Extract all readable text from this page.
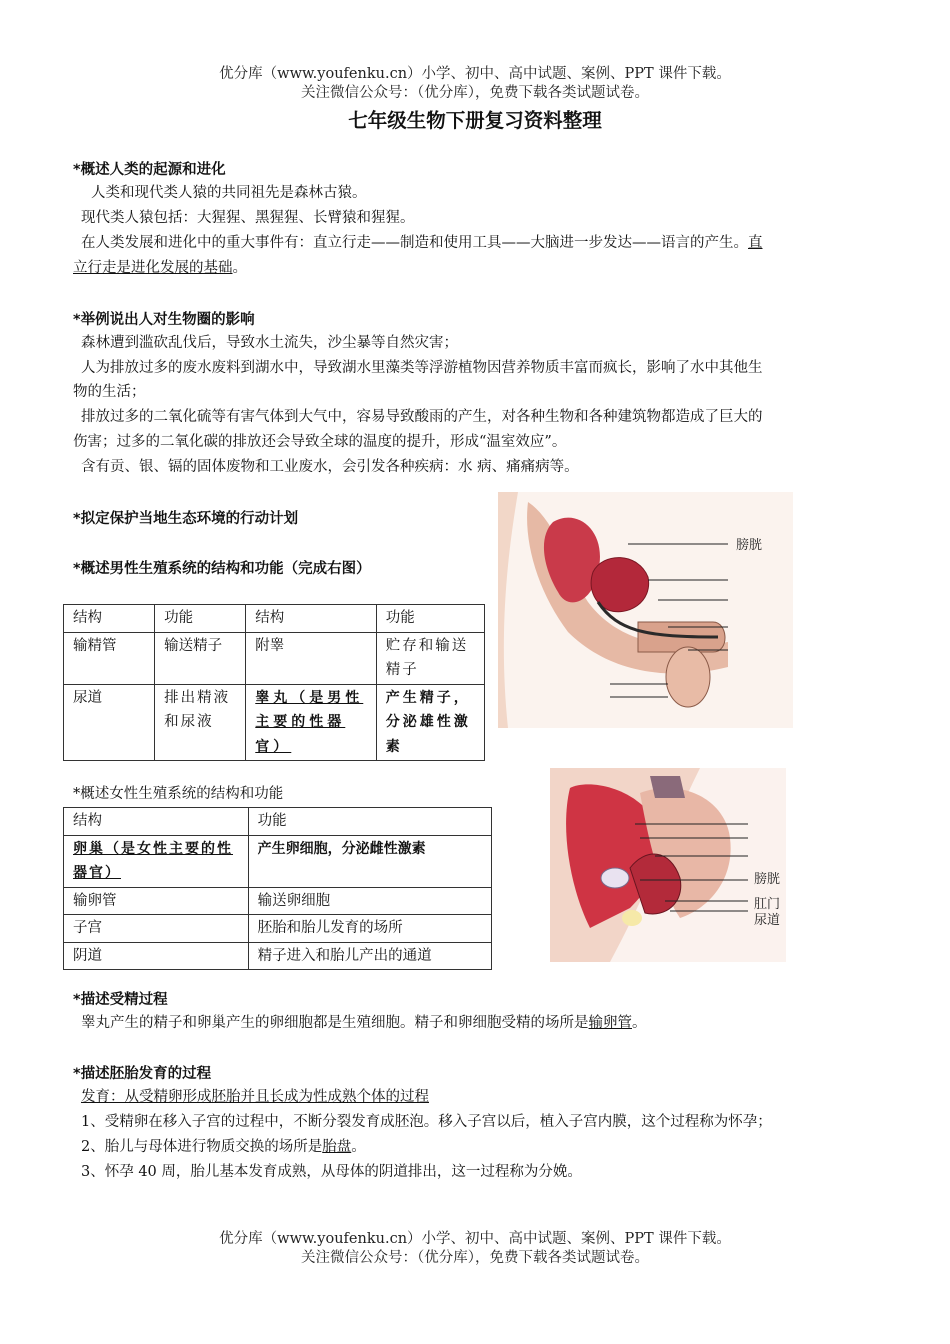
优分库（www.youfenku.cn）小学、初中、高中试题、案例、PPT 课件下载。
关注微信公众号：（优分库），免费下载各类试题试卷。
七年级生物下册复习资料整理
*概述人类的起源和进化
人类和现代类人猿的共同祖先是森林古猿。
现代类人猿包括：大猩猩、黑猩猩、长臂猿和猩猩。
在人类发展和进化中的重大事件有：直立行走——制造和使用工具——大脑进一步发达——语言的产生。直
立行走是进化发展的基础。
*举例说出人对生物圈的影响
森林遭到滥砍乱伐后，导致水土流失，沙尘暴等自然灾害；
人为排放过多的废水废料到湖水中，导致湖水里藻类等浮游植物因营养物质丰富而疯长，影响了水中其他生
物的生活；
排放过多的二氧化硫等有害气体到大气中，容易导致酸雨的产生，对各种生物和各种建筑物都造成了巨大的
伤害；过多的二氧化碳的排放还会导致全球的温度的提升，形成“温室效应”。
含有贡、银、镉的固体废物和工业废水，会引发各种疾病：水 病、痛痛病等。
*拟定保护当地生态环境的行动计划
*概述男性生殖系统的结构和功能（完成右图）
结构	功能	结构	功能
输精管	输送精子	附睾	贮存和输送精子
尿道	排出精液和尿液	睾丸（是男性主要的性器官）	产生精子，分泌雄性激素
膀胱
*概述女性生殖系统的结构和功能
结构	功能
卵巢（是女性主要的性器官）	产生卵细胞，分泌雌性激素
输卵管	输送卵细胞
子宫	胚胎和胎儿发育的场所
阴道	精子进入和胎儿产出的通道
膀胱
肛门
尿道
*描述受精过程
睾丸产生的精子和卵巢产生的卵细胞都是生殖细胞。精子和卵细胞受精的场所是输卵管。
*描述胚胎发育的过程
发育：从受精卵形成胚胎并且长成为性成熟个体的过程
1、受精卵在移入子宫的过程中，不断分裂发育成胚泡。移入子宫以后，植入子宫内膜，这个过程称为怀孕；
2、胎儿与母体进行物质交换的场所是胎盘。
3、怀孕 40 周，胎儿基本发育成熟，从母体的阴道排出，这一过程称为分娩。
优分库（www.youfenku.cn）小学、初中、高中试题、案例、PPT 课件下载。
关注微信公众号：（优分库），免费下载各类试题试卷。
